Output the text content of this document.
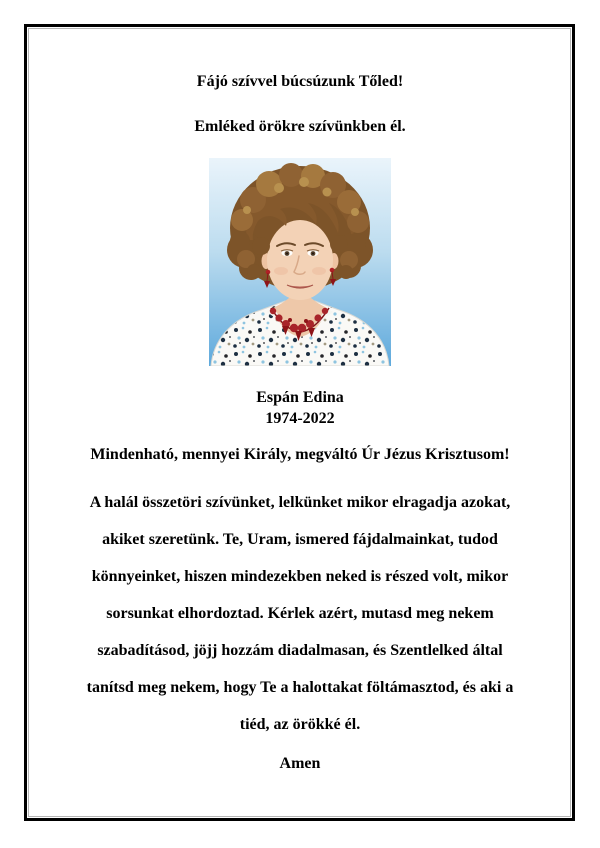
Fájó szívvel búcsúzunk Tőled!
Emléked örökre szívünkben él.
Espán Edina
1974-2022
Mindenható, mennyei Király, megváltó Úr Jézus Krisztusom!
A halál összetöri szívünket, lelkünket mikor elragadja azokat,
akiket szeretünk. Te, Uram, ismered fájdalmainkat, tudod
könnyeinket, hiszen mindezekben neked is részed volt, mikor
sorsunkat elhordoztad. Kérlek azért, mutasd meg nekem
szabadításod, jöjj hozzám diadalmasan, és Szentlelked által
tanítsd meg nekem, hogy Te a halottakat föltámasztod, és aki a
tiéd, az örökké él.
Amen
